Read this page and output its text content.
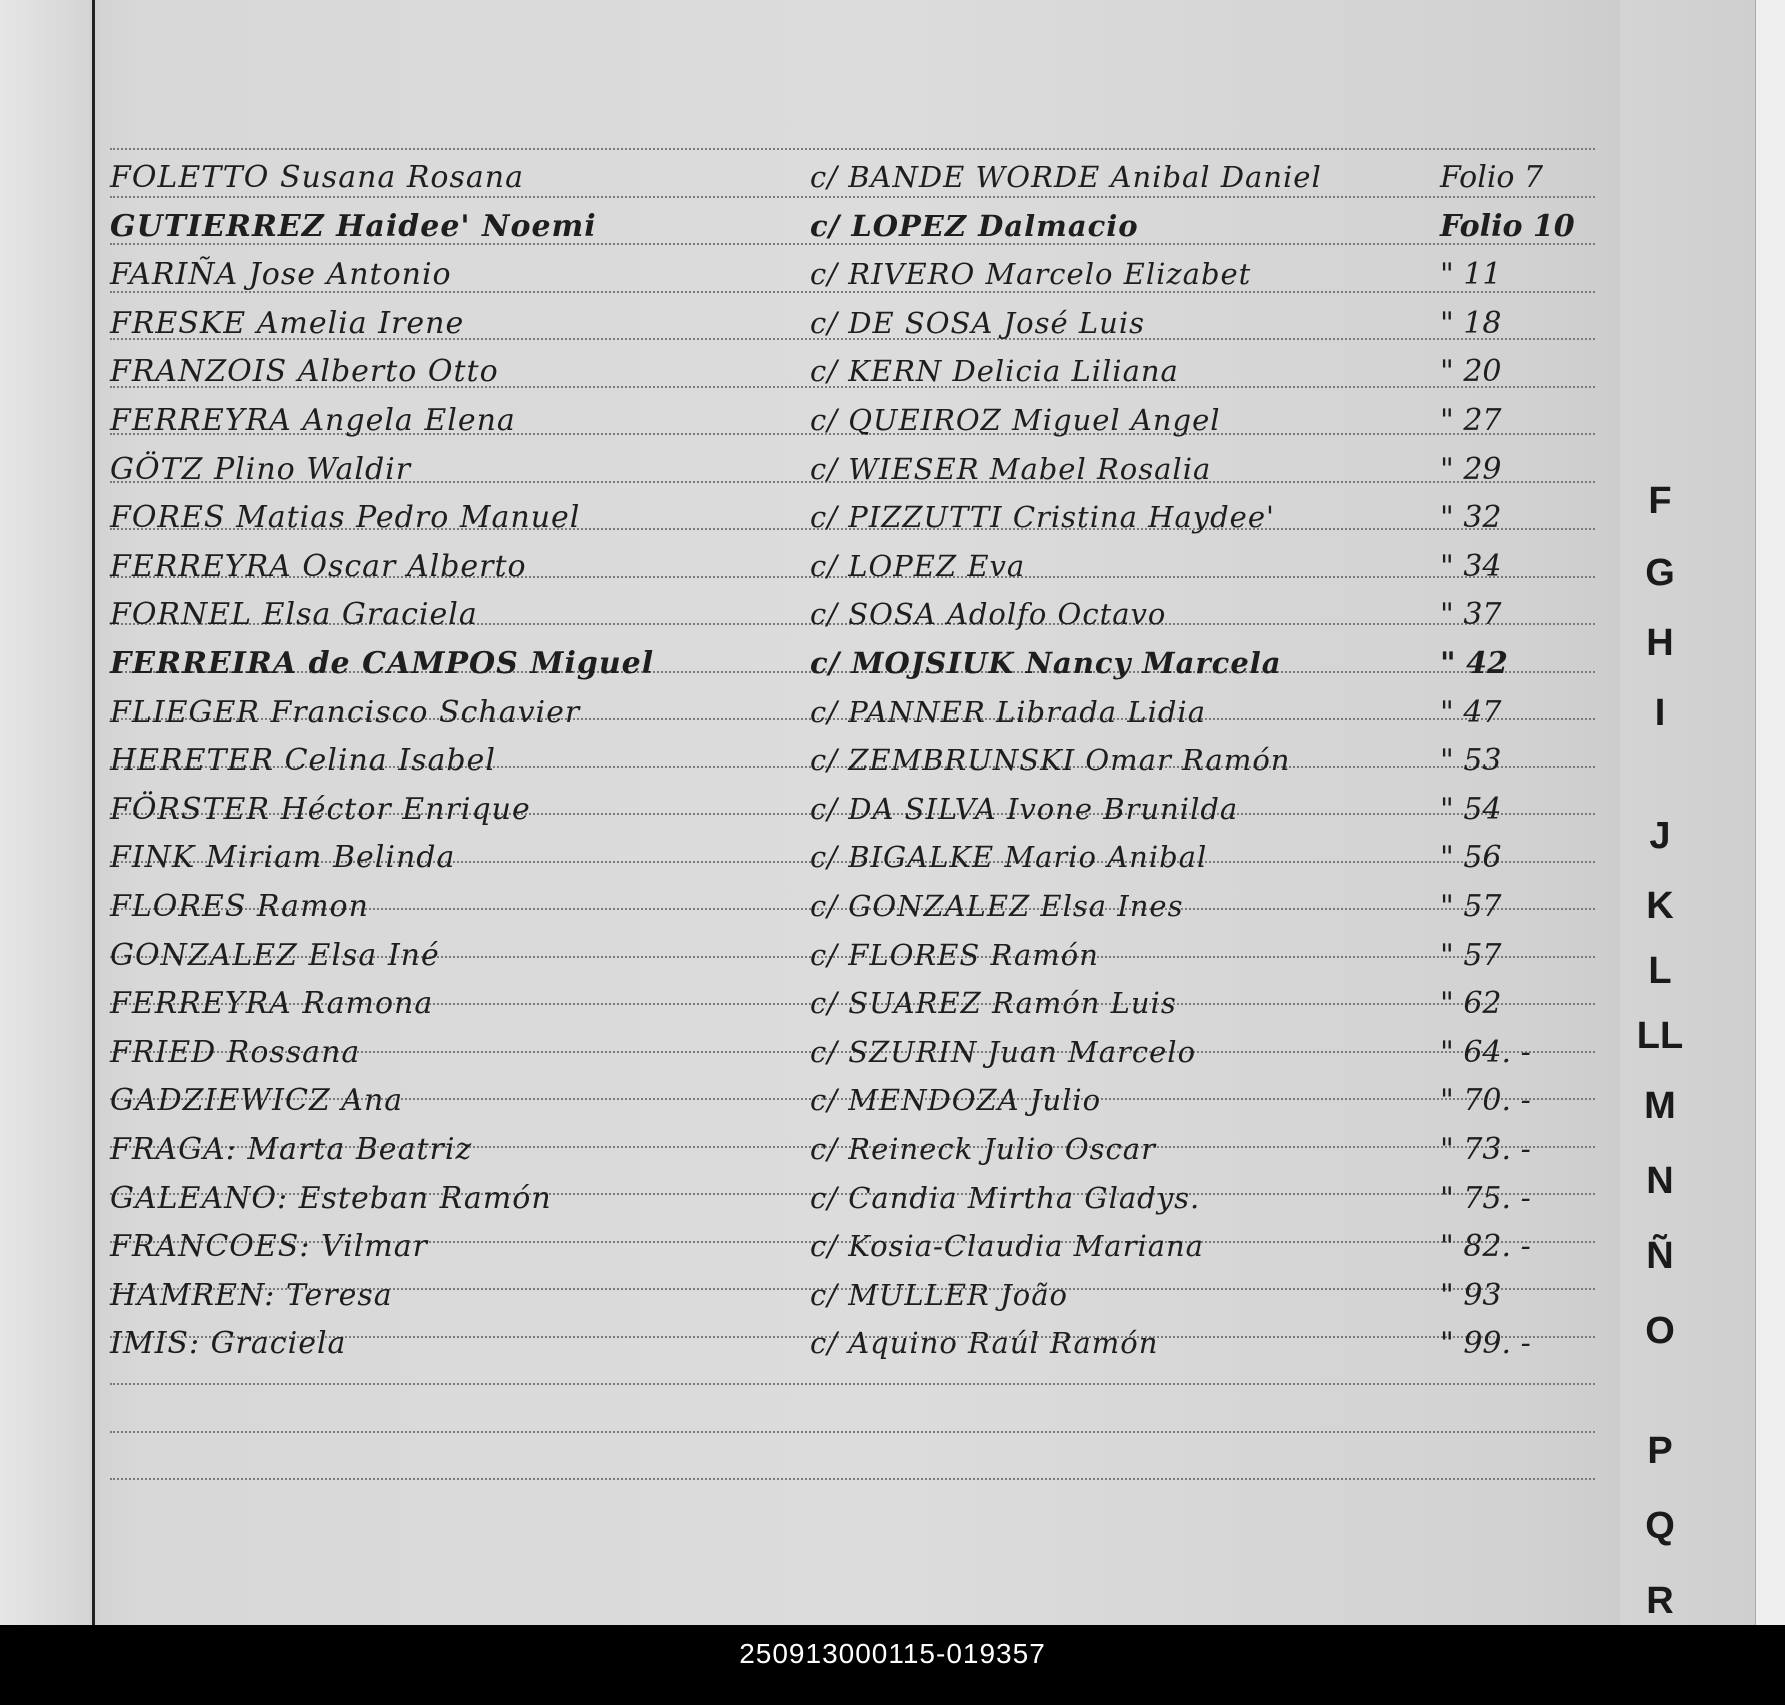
FOLETTO Susana Rosana	c/ BANDE WORDE Anibal Daniel	Folio 7
GUTIERREZ Haidee' Noemi	c/ LOPEZ Dalmacio	Folio 10
FARIÑA Jose Antonio	c/ RIVERO Marcelo Elizabet	" 11
FRESKE Amelia Irene	c/ DE SOSA José Luis	" 18
FRANZOIS Alberto Otto	c/ KERN Delicia Liliana	" 20
FERREYRA Angela Elena	c/ QUEIROZ Miguel Angel	" 27
GÖTZ Plino Waldir	c/ WIESER Mabel Rosalia	" 29
FORES Matias Pedro Manuel	c/ PIZZUTTI Cristina Haydee'	" 32
FERREYRA Oscar Alberto	c/ LOPEZ Eva	" 34
FORNEL Elsa Graciela	c/ SOSA Adolfo Octavo	" 37
FERREIRA de CAMPOS Miguel	c/ MOJSIUK Nancy Marcela	" 42
FLIEGER Francisco Schavier	c/ PANNER Librada Lidia	" 47
HERETER Celina Isabel	c/ ZEMBRUNSKI Omar Ramón	" 53
FÖRSTER Héctor Enrique	c/ DA SILVA Ivone Brunilda	" 54
FINK Miriam Belinda	c/ BIGALKE Mario Anibal	" 56
FLORES Ramon	c/ GONZALEZ Elsa Ines	" 57
GONZALEZ Elsa Iné	c/ FLORES Ramón	" 57
FERREYRA Ramona	c/ SUAREZ Ramón Luis	" 62
FRIED Rossana	c/ SZURIN Juan Marcelo	" 64. -
GADZIEWICZ Ana	c/ MENDOZA Julio	" 70. -
FRAGA: Marta Beatriz	c/ Reineck Julio Oscar	" 73. -
GALEANO: Esteban Ramón	c/ Candia Mirtha Gladys.	" 75. -
FRANCOES: Vilmar	c/ Kosia-Claudia Mariana	" 82. -
HAMREN: Teresa	c/ MULLER João	" 93
IMIS: Graciela	c/ Aquino Raúl Ramón	" 99. -
F
G
H
I
J
K
L
LL
M
N
Ñ
O
P
Q
R
250913000115-019357
